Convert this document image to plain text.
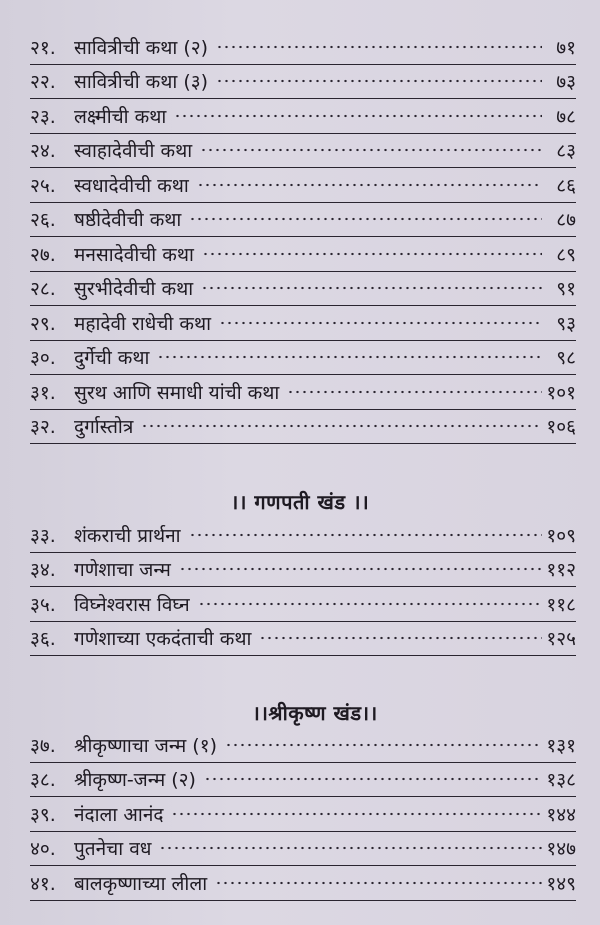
२१. सावित्रीची कथा (२)	७१
२२. सावित्रीची कथा (३)	७३
२३. लक्ष्मीची कथा	७८
२४. स्वाहादेवीची कथा	८३
२५. स्वधादेवीची कथा	८६
२६. षष्ठीदेवीची कथा	८७
२७. मनसादेवीची कथा	८९
२८. सुरभीदेवीची कथा	९१
२९. महादेवी राधेची कथा	९३
३०. दुर्गेची कथा	९८
३१. सुरथ आणि समाधी यांची कथा	१०१
३२. दुर्गास्तोत्र	१०६
।। गणपती खंड ।।
३३. शंकराची प्रार्थना	१०९
३४. गणेशाचा जन्म	११२
३५. विघ्नेश्वरास विघ्न	११८
३६. गणेशाच्या एकदंताची कथा	१२५
।।श्रीकृष्ण खंड।।
३७. श्रीकृष्णाचा जन्म (१)	१३१
३८. श्रीकृष्ण-जन्म (२)	१३८
३९. नंदाला आनंद	१४४
४०. पुतनेचा वध	१४७
४१. बालकृष्णाच्या लीला	१४९
